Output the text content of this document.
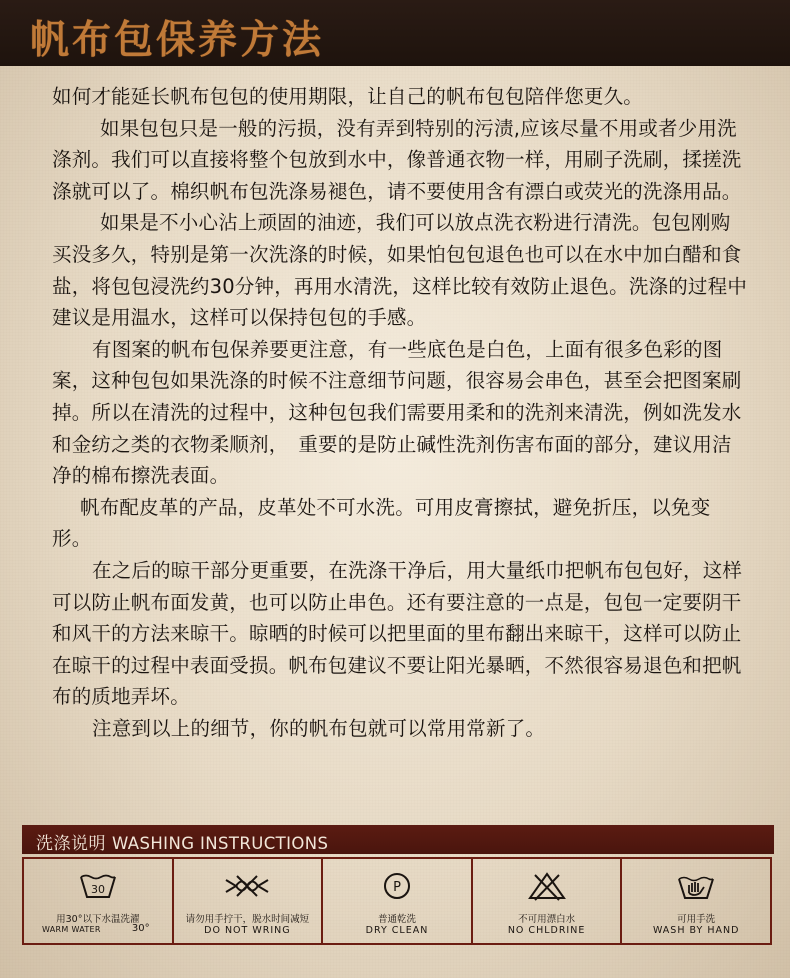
帆布包保养方法

如何才能延长帆布包包的使用期限，让自己的帆布包包陪伴您更久。

如果包包只是一般的污损，没有弄到特别的污渍,应该尽量不用或者少用洗涤剂。我们可以直接将整个包放到水中，像普通衣物一样，用刷子洗刷，揉搓洗涤就可以了。棉织帆布包洗涤易褪色，请不要使用含有漂白或荧光的洗涤用品。

如果是不小心沾上顽固的油迹，我们可以放点洗衣粉进行清洗。包包刚购买没多久，特别是第一次洗涤的时候，如果怕包包退色也可以在水中加白醋和食盐，将包包浸洗约30分钟，再用水清洗，这样比较有效防止退色。洗涤的过程中建议是用温水，这样可以保持包包的手感。

有图案的帆布包保养要更注意，有一些底色是白色，上面有很多色彩的图案，这种包包如果洗涤的时候不注意细节问题，很容易会串色，甚至会把图案刷掉。所以在清洗的过程中，这种包包我们需要用柔和的洗剂来清洗，例如洗发水和金纺之类的衣物柔顺剂，　重要的是防止碱性洗剂伤害布面的部分，建议用洁净的棉布擦洗表面。

帆布配皮革的产品，皮革处不可水洗。可用皮膏擦拭，避免折压，以免变形。

在之后的晾干部分更重要，在洗涤干净后，用大量纸巾把帆布包包好，这样可以防止帆布面发黄，也可以防止串色。还有要注意的一点是，包包一定要阴干和风干的方法来晾干。晾晒的时候可以把里面的里布翻出来晾干，这样可以防止在晾干的过程中表面受损。帆布包建议不要让阳光暴晒，不然很容易退色和把帆布的质地弄坏。

注意到以上的细节，你的帆布包就可以常用常新了。

洗涤说明 WASHING INSTRUCTIONS
30
用30°以下水温洗濯
WARM WATER	30°
请勿用手拧干，脱水时间减短
DO NOT WRING
P
普通乾洗
DRY CLEAN
不可用漂白水
NO CHLDRINE
可用手洗
WASH BY HAND
